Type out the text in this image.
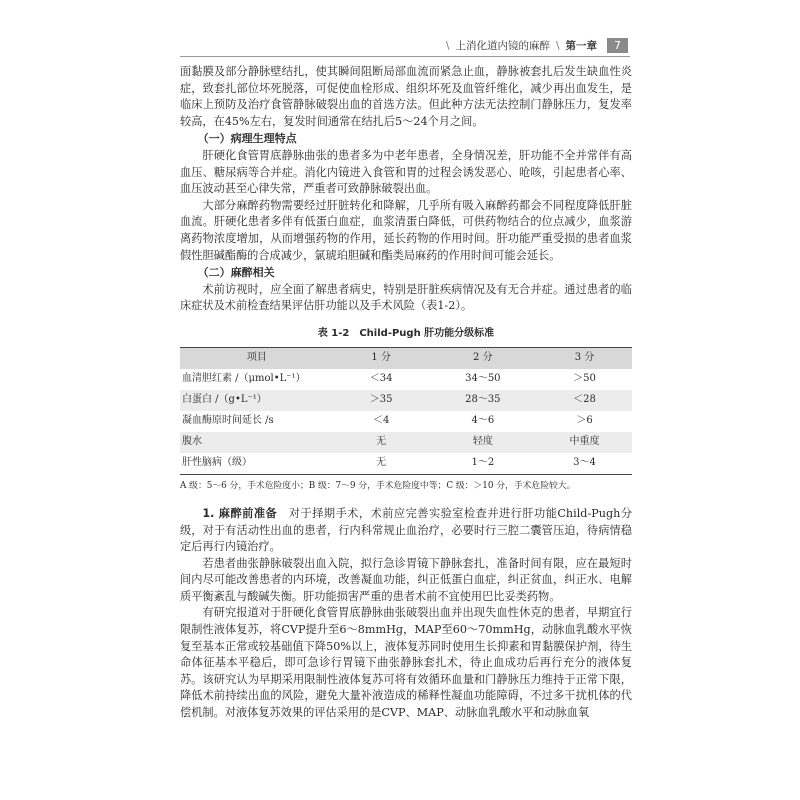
\ 上消化道内镜的麻醉 \ 第一章	7

面黏膜及部分静脉壁结扎，使其瞬间阻断局部血流而紧急止血，静脉被套扎后发生缺血性炎症，致套扎部位坏死脱落，可促使血栓形成、组织坏死及血管纤维化，减少再出血发生，是临床上预防及治疗食管静脉破裂出血的首选方法。但此种方法无法控制门静脉压力，复发率较高，在45%左右，复发时间通常在结扎后5～24个月之间。

（一）病理生理特点

肝硬化食管胃底静脉曲张的患者多为中老年患者，全身情况差，肝功能不全并常伴有高血压、糖尿病等合并症。消化内镜进入食管和胃的过程会诱发恶心、呛咳，引起患者心率、血压波动甚至心律失常，严重者可致静脉破裂出血。

大部分麻醉药物需要经过肝脏转化和降解，几乎所有吸入麻醉药都会不同程度降低肝脏血流。肝硬化患者多伴有低蛋白血症，血浆清蛋白降低，可供药物结合的位点减少，血浆游离药物浓度增加，从而增强药物的作用，延长药物的作用时间。肝功能严重受损的患者血浆假性胆碱酯酶的合成减少，氯琥珀胆碱和酯类局麻药的作用时间可能会延长。

（二）麻醉相关

术前访视时，应全面了解患者病史，特别是肝脏疾病情况及有无合并症。通过患者的临床症状及术前检查结果评估肝功能以及手术风险（表1-2）。

表 1-2　Child-Pugh 肝功能分级标准
项目	1 分	2 分	3 分
血清胆红素 /（μmol•L⁻¹）	＜34	34～50	＞50
白蛋白 /（g•L⁻¹）	＞35	28～35	＜28
凝血酶原时间延长 /s	＜4	4～6	＞6
腹水	无	轻度	中重度
肝性脑病（级）	无	1～2	3～4
A 级：5～6 分，手术危险度小；B 级：7～9 分，手术危险度中等；C 级：＞10 分，手术危险较大。

1. 麻醉前准备　 对于择期手术，术前应完善实验室检查并进行肝功能Child-Pugh分级，对于有活动性出血的患者，行内科常规止血治疗，必要时行三腔二囊管压迫，待病情稳定后再行内镜治疗。

若患者曲张静脉破裂出血入院，拟行急诊胃镜下静脉套扎，准备时间有限，应在最短时间内尽可能改善患者的内环境，改善凝血功能，纠正低蛋白血症，纠正贫血，纠正水、电解质平衡紊乱与酸碱失衡。肝功能损害严重的患者术前不宜使用巴比妥类药物。

有研究报道对于肝硬化食管胃底静脉曲张破裂出血并出现失血性休克的患者，早期宜行限制性液体复苏，将CVP提升至6～8mmHg，MAP至60～70mmHg，动脉血乳酸水平恢复至基本正常或较基础值下降50%以上，液体复苏同时使用生长抑素和胃黏膜保护剂，待生命体征基本平稳后，即可急诊行胃镜下曲张静脉套扎术，待止血成功后再行充分的液体复苏。该研究认为早期采用限制性液体复苏可将有效循环血量和门静脉压力维持于正常下限，降低术前持续出血的风险，避免大量补液造成的稀释性凝血功能障碍，不过多干扰机体的代偿机制。对液体复苏效果的评估采用的是CVP、MAP、动脉血乳酸水平和动脉血氧
